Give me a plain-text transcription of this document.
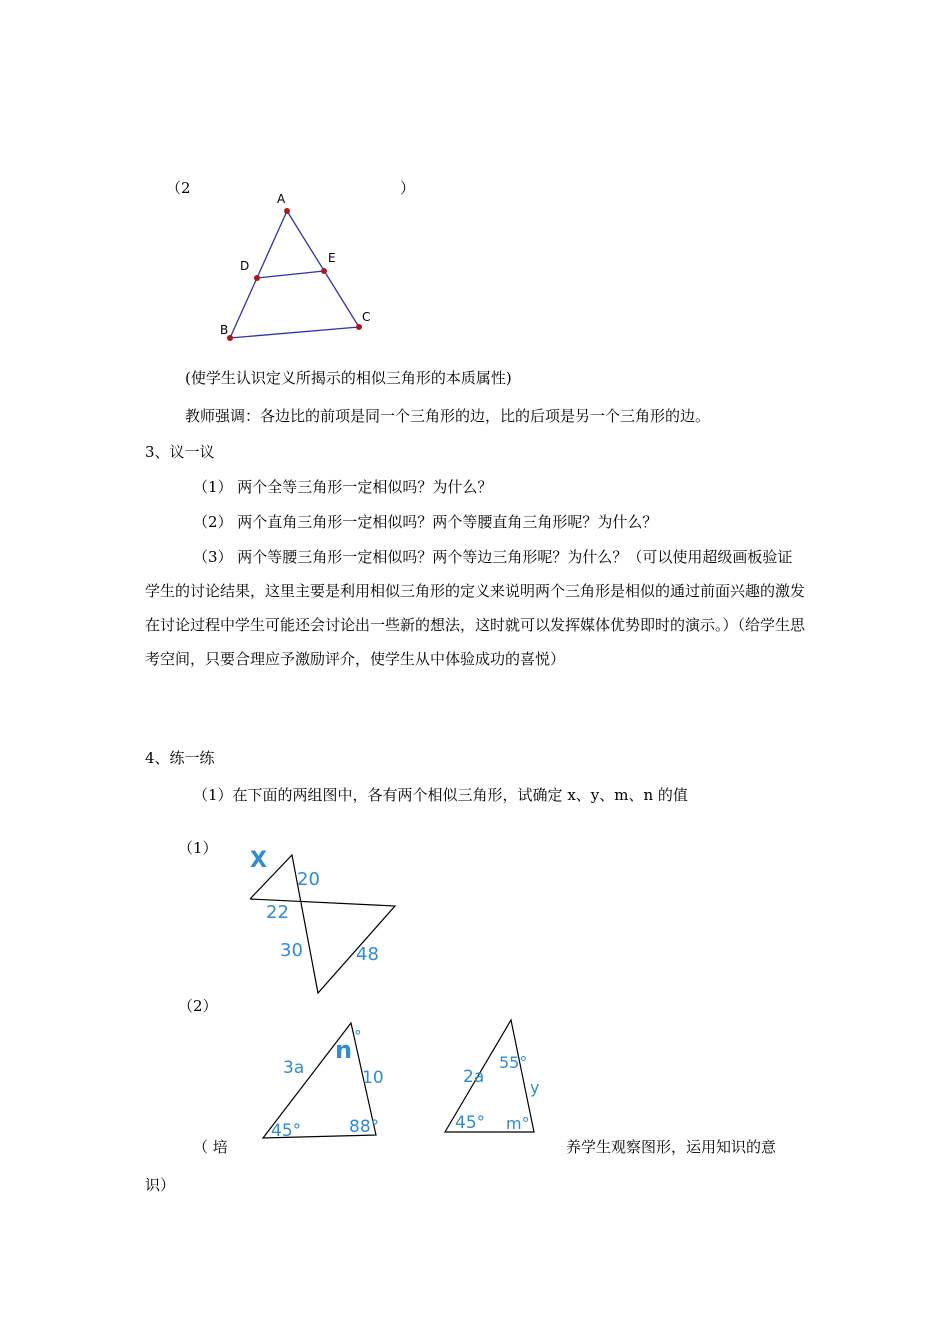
（2	）
A
B
C
D
E
(使学生认识定义所揭示的相似三角形的本质属性)
教师强调：各边比的前项是同一个三角形的边，比的后项是另一个三角形的边。
3、议一议
（1） 两个全等三角形一定相似吗？为什么？
（2） 两个直角三角形一定相似吗？两个等腰直角三角形呢？为什么？
（3） 两个等腰三角形一定相似吗？两个等边三角形呢？为什么？（可以使用超级画板验证学生的讨论结果，这里主要是利用相似三角形的定义来说明两个三角形是相似的通过前面兴趣的激发在讨论过程中学生可能还会讨论出一些新的想法，这时就可以发挥媒体优势即时的演示。）（给学生思考空间，只要合理应予激励评介，使学生从中体验成功的喜悦）
4、练一练
（1）在下面的两组图中，各有两个相似三角形，试确定 x、y、m、n 的值
（1） X
20
22
30	48
（2）
3a
n °
10
45°	88°
2a
55°
y
45° m°
（ 培	养学生观察图形，运用知识的意
识）
